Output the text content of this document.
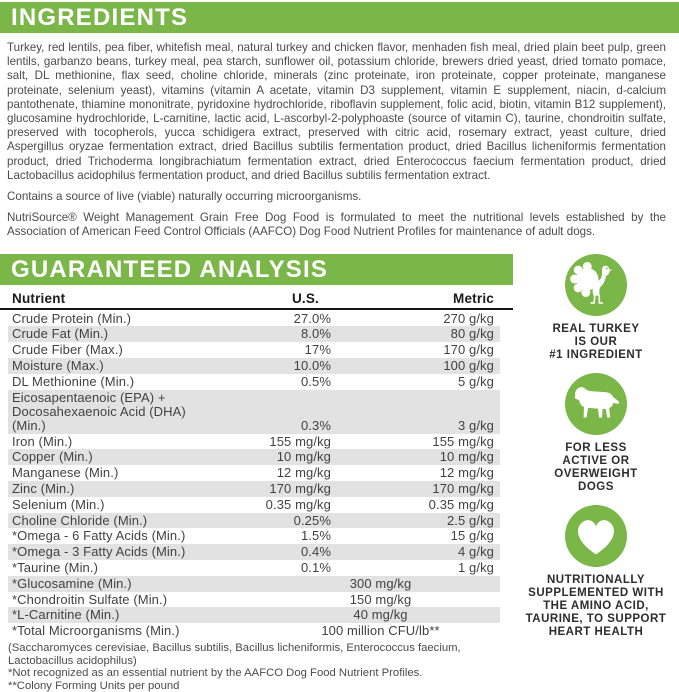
INGREDIENTS

Turkey, red lentils, pea fiber, whitefish meal, natural turkey and chicken flavor, menhaden fish meal, dried plain beet pulp, green lentils, garbanzo beans, turkey meal, pea starch, sunflower oil, potassium chloride, brewers dried yeast, dried tomato pomace, salt, DL methionine, flax seed, choline chloride, minerals (zinc proteinate, iron proteinate, copper proteinate, manganese proteinate, selenium yeast), vitamins (vitamin A acetate, vitamin D3 supplement, vitamin E supplement, niacin, d-calcium pantothenate, thiamine mononitrate, pyridoxine hydrochloride, riboflavin supplement, folic acid, biotin, vitamin B12 supplement), glucosamine hydrochloride, L-carnitine, lactic acid, L-ascorbyl-2-polyphoaste (source of vitamin C), taurine, chondroitin sulfate, preserved with tocopherols, yucca schidigera extract, preserved with citric acid, rosemary extract, yeast culture, dried Aspergillus oryzae fermentation extract, dried Bacillus subtilis fermentation product, dried Bacillus licheniformis fermentation product, dried Trichoderma longibrachiatum fermentation extract, dried Enterococcus faecium fermentation product, dried Lactobacillus acidophilus fermentation product, and dried Bacillus subtilis fermentation extract.

Contains a source of live (viable) naturally occurring microorganisms.

NutriSource® Weight Management Grain Free Dog Food is formulated to meet the nutritional levels established by the Association of American Feed Control Officials (AAFCO) Dog Food Nutrient Profiles for maintenance of adult dogs.

GUARANTEED ANALYSIS
Nutrient	U.S.	Metric
Crude Protein (Min.)	27.0%	270 g/kg
Crude Fat (Min.)	8.0%	80 g/kg
Crude Fiber (Max.)	17%	170 g/kg
Moisture (Max.)	10.0%	100 g/kg
DL Methionine (Min.)	0.5%	5 g/kg
Eicosapentaenoic (EPA) +
Docosahexaenoic Acid (DHA) (Min.)	0.3%	3 g/kg
Iron (Min.)	155 mg/kg	155 mg/kg
Copper (Min.)	10 mg/kg	10 mg/kg
Manganese (Min.)	12 mg/kg	12 mg/kg
Zinc (Min.)	170 mg/kg	170 mg/kg
Selenium (Min.)	0.35 mg/kg	0.35 mg/kg
Choline Chloride (Min.)	0.25%	2.5 g/kg
*Omega - 6 Fatty Acids (Min.)	1.5%	15 g/kg
*Omega - 3 Fatty Acids (Min.)	0.4%	4 g/kg
*Taurine (Min.)	0.1%	1 g/kg
*Glucosamine (Min.)	300 mg/kg
*Chondroitin Sulfate (Min.)	150 mg/kg
*L-Carnitine (Min.)	40 mg/kg
*Total Microorganisms (Min.)	100 million CFU/lb**

(Saccharomyces cerevisiae, Bacillus subtilis, Bacillus licheniformis, Enterococcus faecium, Lactobacillus acidophilus)

*Not recognized as an essential nutrient by the AAFCO Dog Food Nutrient Profiles.

**Colony Forming Units per pound

REAL TURKEY
IS OUR
#1 INGREDIENT
FOR LESS
ACTIVE OR
OVERWEIGHT
DOGS
NUTRITIONALLY
SUPPLEMENTED WITH
THE AMINO ACID,
TAURINE, TO SUPPORT
HEART HEALTH
